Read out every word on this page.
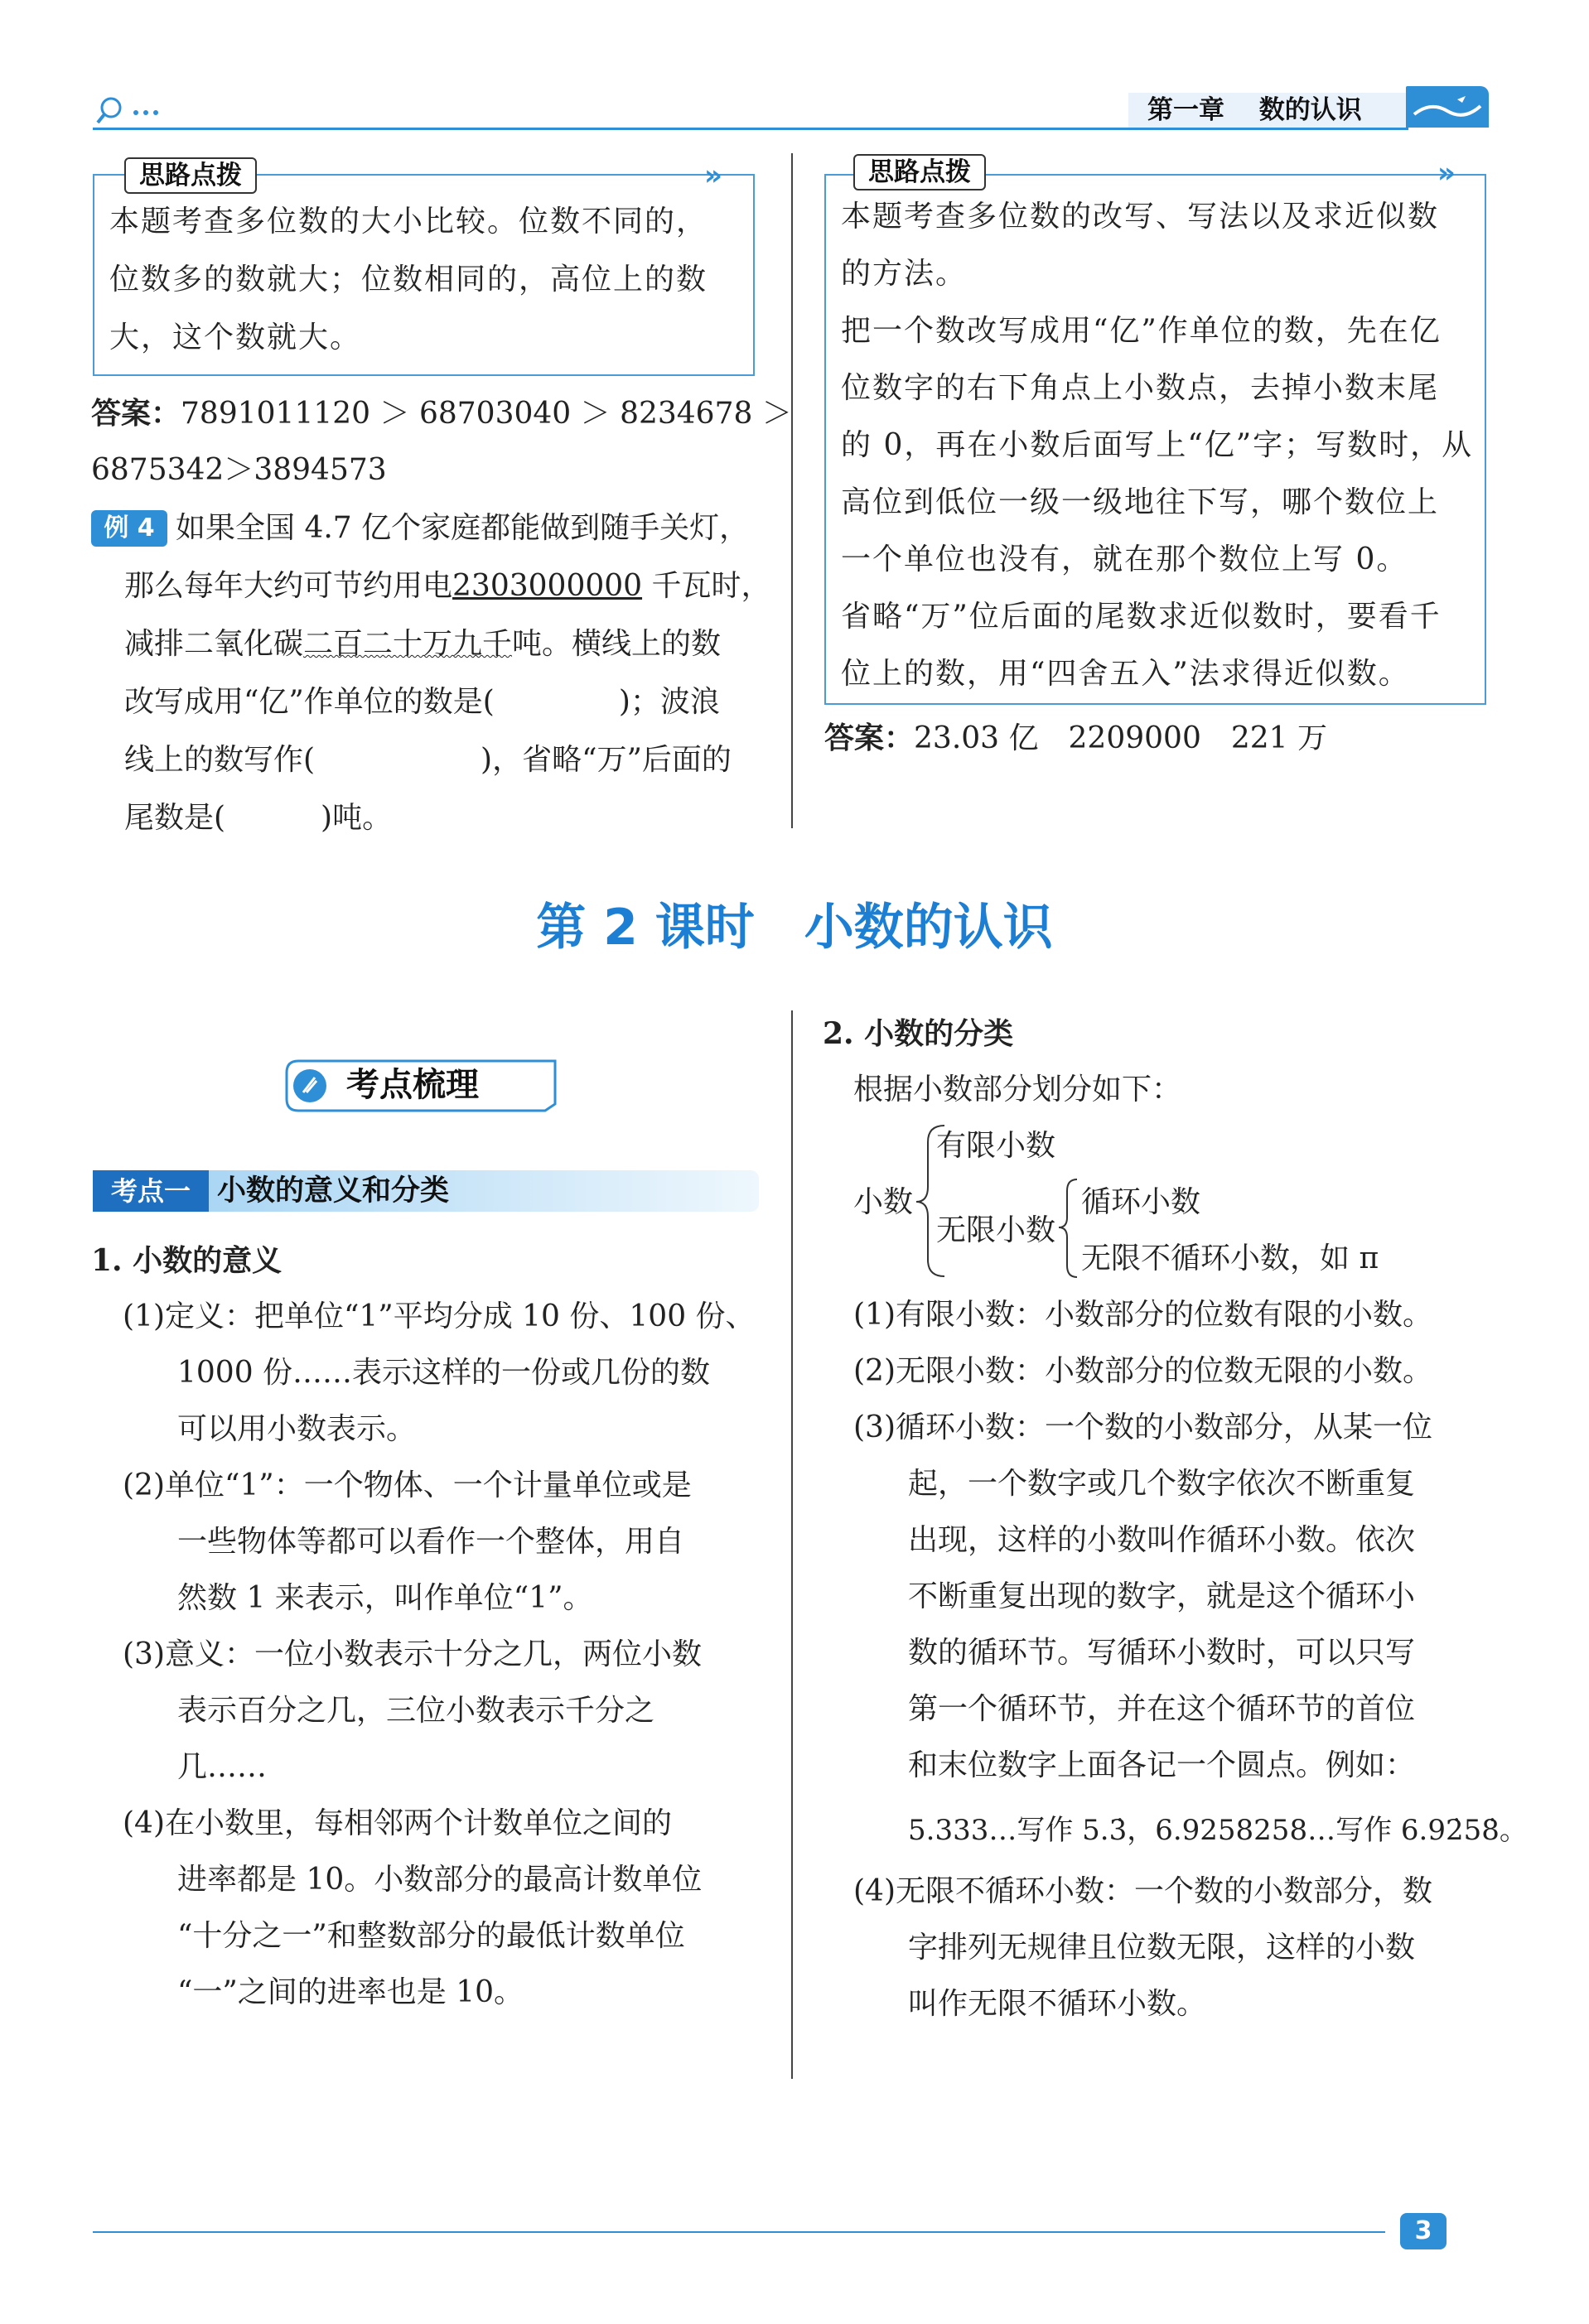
第一章　 数的认识
思路点拨	»
本题考查多位数的大小比较。位数不同的，
位数多的数就大；位数相同的，高位上的数
大，这个数就大。
答案：7891011120 ＞ 68703040 ＞ 8234678 ＞
6875342＞3894573
例 4 如果全国 4.7 亿个家庭都能做到随手关灯，
那么每年大约可节约用电2303000000 千瓦时，
减排二氧化碳二百二十万九千吨。横线上的数
改写成用“亿”作单位的数是(	)；波浪
线上的数写作(	)，省略“万”后面的
尾数是(	)吨。
思路点拨	»
本题考查多位数的改写、写法以及求近似数
的方法。
把一个数改写成用“亿”作单位的数，先在亿
位数字的右下角点上小数点，去掉小数末尾
的 0，再在小数后面写上“亿”字；写数时，从
高位到低位一级一级地往下写，哪个数位上
一个单位也没有，就在那个数位上写 0。
省略“万”位后面的尾数求近似数时，要看千
位上的数，用“四舍五入”法求得近似数。
答案：23.03 亿　2209000　221 万
第 2 课时　小数的认识
考点梳理
考点一 小数的意义和分类
1. 小数的意义
(1)定义：把单位“1”平均分成 10 份、100 份、
1000 份……表示这样的一份或几份的数
可以用小数表示。
(2)单位“1”：一个物体、一个计量单位或是
一些物体等都可以看作一个整体，用自
然数 1 来表示，叫作单位“1”。
(3)意义：一位小数表示十分之几，两位小数
表示百分之几，三位小数表示千分之
几……
(4)在小数里，每相邻两个计数单位之间的
进率都是 10。小数部分的最高计数单位
“十分之一”和整数部分的最低计数单位
“一”之间的进率也是 10。
2. 小数的分类
根据小数部分划分如下：
小数
有限小数
无限小数
循环小数
无限不循环小数，如 π
(1)有限小数：小数部分的位数有限的小数。
(2)无限小数：小数部分的位数无限的小数。
(3)循环小数：一个数的小数部分，从某一位
起，一个数字或几个数字依次不断重复
出现，这样的小数叫作循环小数。依次
不断重复出现的数字，就是这个循环小
数的循环节。写循环小数时，可以只写
第一个循环节，并在这个循环节的首位
和末位数字上面各记一个圆点。例如：
5.333…写作 5.3̇，6.9258258…写作 6.92̇58̇。
(4)无限不循环小数：一个数的小数部分，数
字排列无规律且位数无限，这样的小数
叫作无限不循环小数。
3
